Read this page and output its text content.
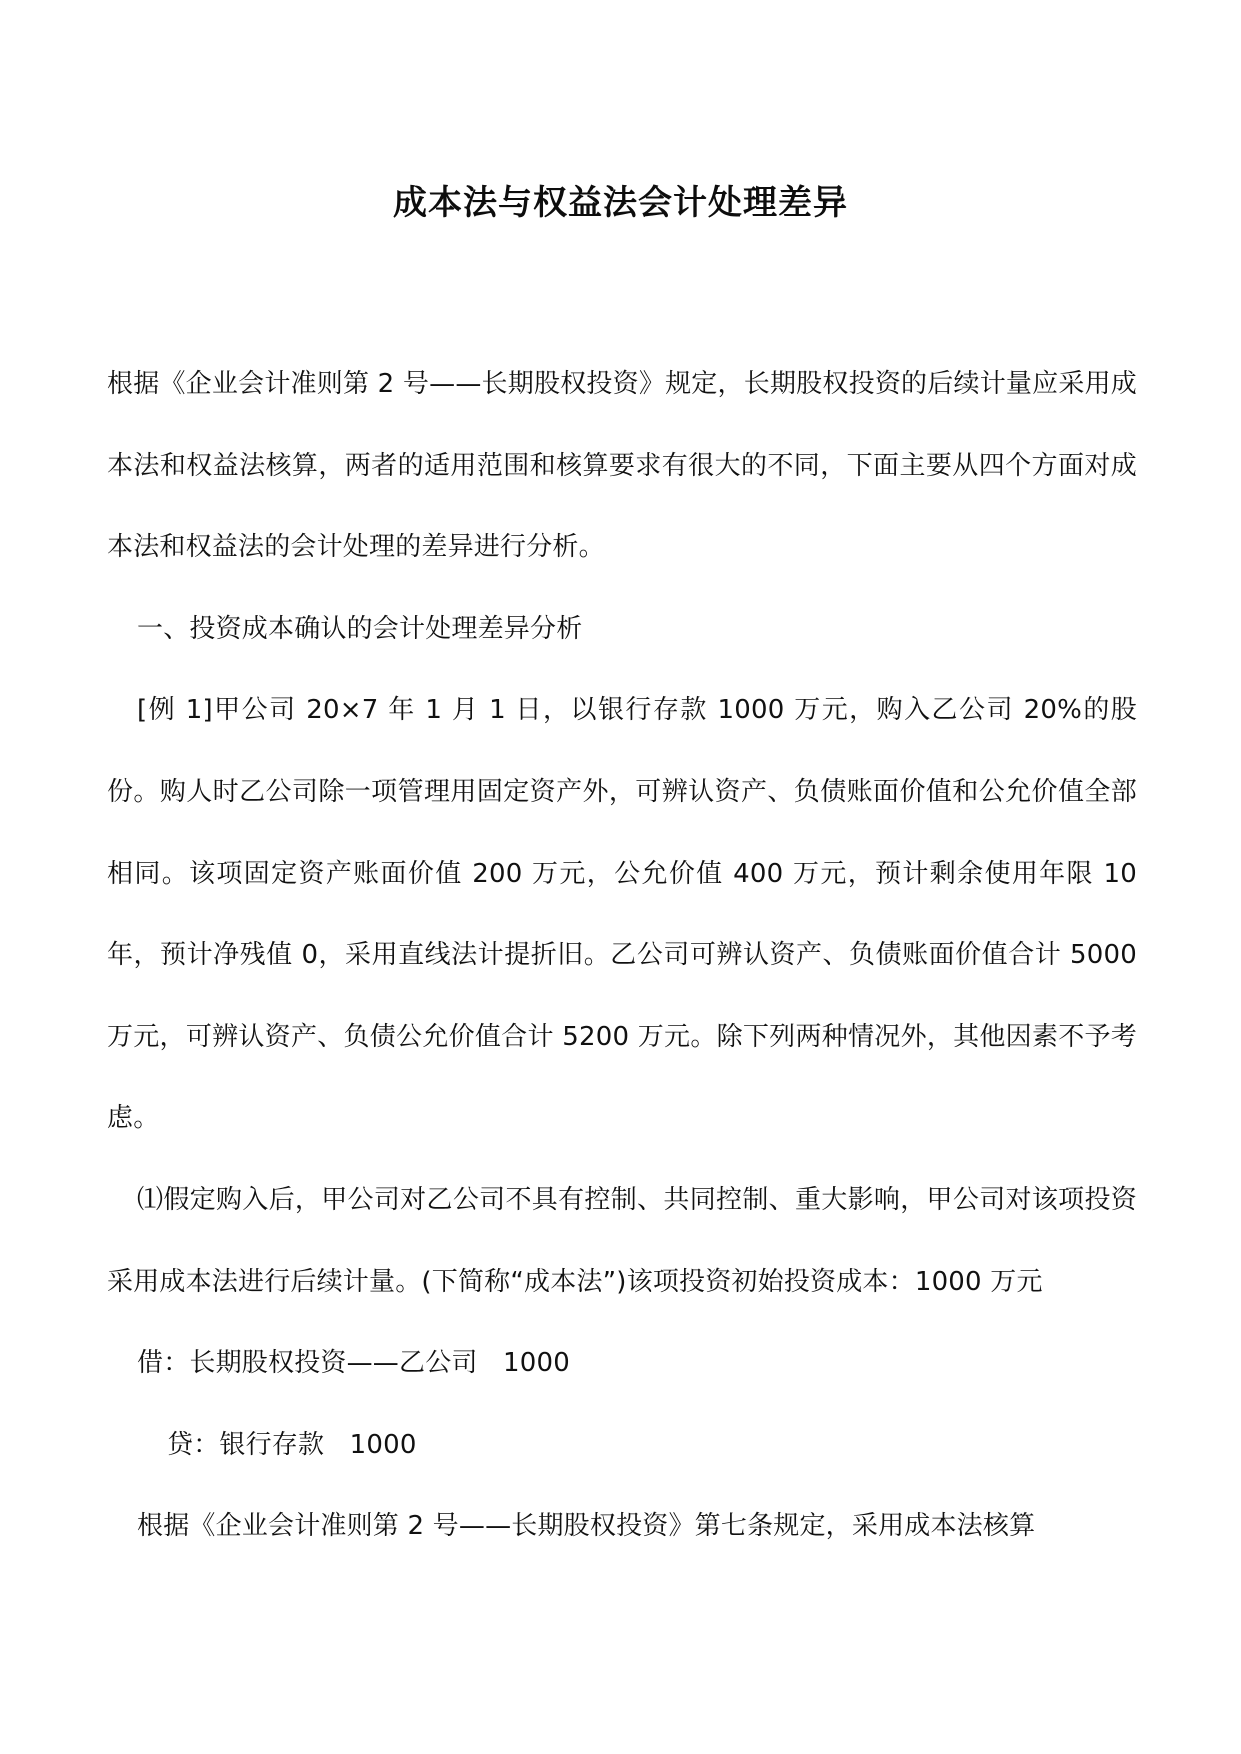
成本法与权益法会计处理差异

根据《企业会计准则第 2 号——长期股权投资》规定，长期股权投资的后续计量应采用成本法和权益法核算，两者的适用范围和核算要求有很大的不同，下面主要从四个方面对成本法和权益法的会计处理的差异进行分析。

一、投资成本确认的会计处理差异分析

[例 1]甲公司 20×7 年 1 月 1 日，以银行存款 1000 万元，购入乙公司 20%的股份。购人时乙公司除一项管理用固定资产外，可辨认资产、负债账面价值和公允价值全部相同。该项固定资产账面价值 200 万元，公允价值 400 万元，预计剩余使用年限 10 年，预计净残值 0，采用直线法计提折旧。乙公司可辨认资产、负债账面价值合计 5000 万元，可辨认资产、负债公允价值合计 5200 万元。除下列两种情况外，其他因素不予考虑。

⑴假定购入后，甲公司对乙公司不具有控制、共同控制、重大影响，甲公司对该项投资采用成本法进行后续计量。(下简称“成本法”)该项投资初始投资成本：1000 万元

借：长期股权投资——乙公司   1000

贷：银行存款   1000

根据《企业会计准则第 2 号——长期股权投资》第七条规定，采用成本法核算
